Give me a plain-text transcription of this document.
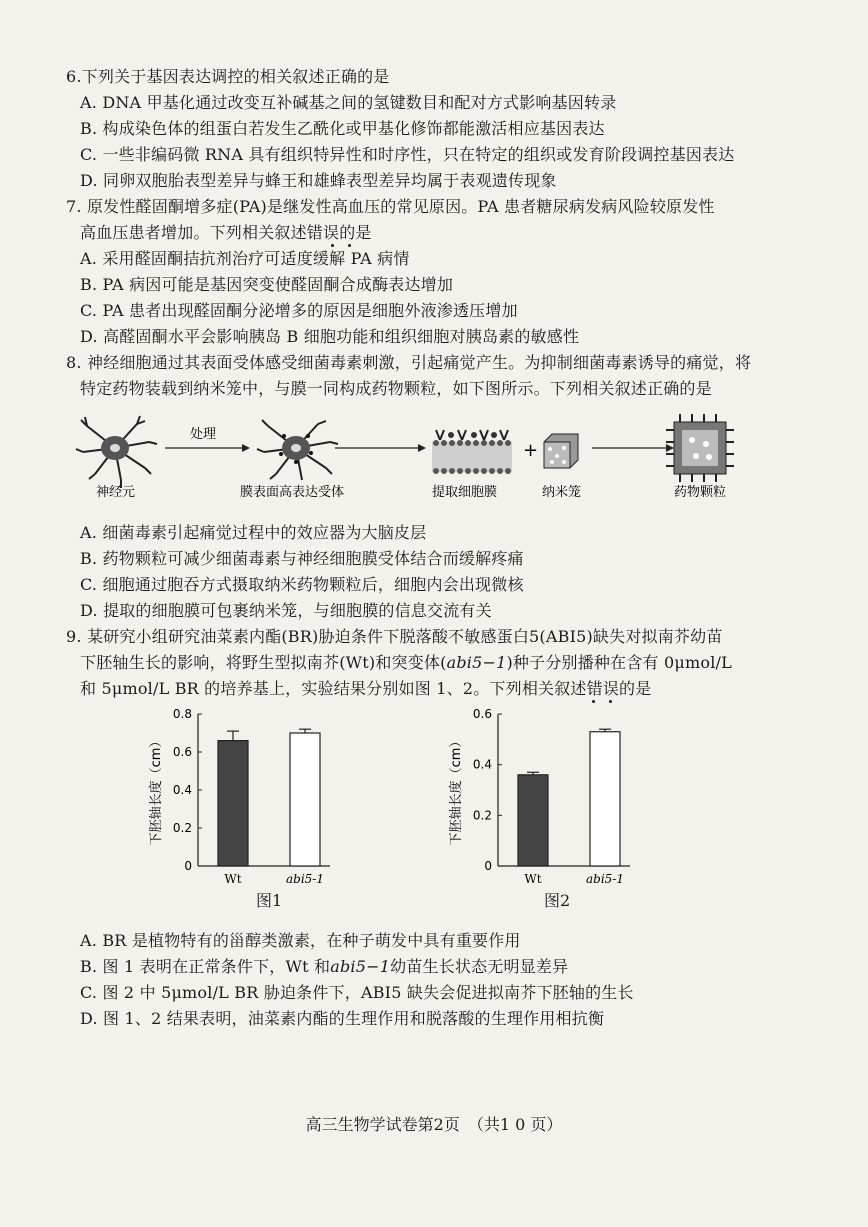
6.下列关于基因表达调控的相关叙述正确的是
A. DNA 甲基化通过改变互补碱基之间的氢键数目和配对方式影响基因转录
B. 构成染色体的组蛋白若发生乙酰化或甲基化修饰都能激活相应基因表达
C. 一些非编码微 RNA 具有组织特异性和时序性，只在特定的组织或发育阶段调控基因表达
D. 同卵双胞胎表型差异与蜂王和雄蜂表型差异均属于表观遗传现象
7. 原发性醛固酮增多症(PA)是继发性高血压的常见原因。PA 患者糖尿病发病风险较原发性
高血压患者增加。下列相关叙述错误的是
A. 采用醛固酮拮抗剂治疗可适度缓解 PA 病情
B. PA 病因可能是基因突变使醛固酮合成酶表达增加
C. PA 患者出现醛固酮分泌增多的原因是细胞外液渗透压增加
D. 高醛固酮水平会影响胰岛 B 细胞功能和组织细胞对胰岛素的敏感性
8. 神经细胞通过其表面受体感受细菌毒素刺激，引起痛觉产生。为抑制细菌毒素诱导的痛觉，将
特定药物装载到纳米笼中，与膜一同构成药物颗粒，如下图所示。下列相关叙述正确的是
处理
+
神经元	膜表面高表达受体	提取细胞膜	纳米笼	药物颗粒
A. 细菌毒素引起痛觉过程中的效应器为大脑皮层
B. 药物颗粒可减少细菌毒素与神经细胞膜受体结合而缓解疼痛
C. 细胞通过胞吞方式摄取纳米药物颗粒后，细胞内会出现微核
D. 提取的细胞膜可包裹纳米笼，与细胞膜的信息交流有关
9. 某研究小组研究油菜素内酯(BR)胁迫条件下脱落酸不敏感蛋白5(ABI5)缺失对拟南芥幼苗
下胚轴生长的影响，将野生型拟南芥(Wt)和突变体(abi5−1)种子分别播种在含有 0μmol/L
和 5μmol/L BR 的培养基上，实验结果分别如图 1、2。下列相关叙述错误的是
0
0.2
0.4
0.6
0.8
Wt	abi5-1
下胚轴长度（cm）
图1
0
0.2
0.4
0.6
Wt	abi5-1
下胚轴长度（cm）
图2
A. BR 是植物特有的甾醇类激素，在种子萌发中具有重要作用
B. 图 1 表明在正常条件下，Wt 和abi5−1幼苗生长状态无明显差异
C. 图 2 中 5μmol/L BR 胁迫条件下，ABI5 缺失会促进拟南芥下胚轴的生长
D. 图 1、2 结果表明，油菜素内酯的生理作用和脱落酸的生理作用相抗衡
高三生物学试卷第2页　（共1 0 页）
